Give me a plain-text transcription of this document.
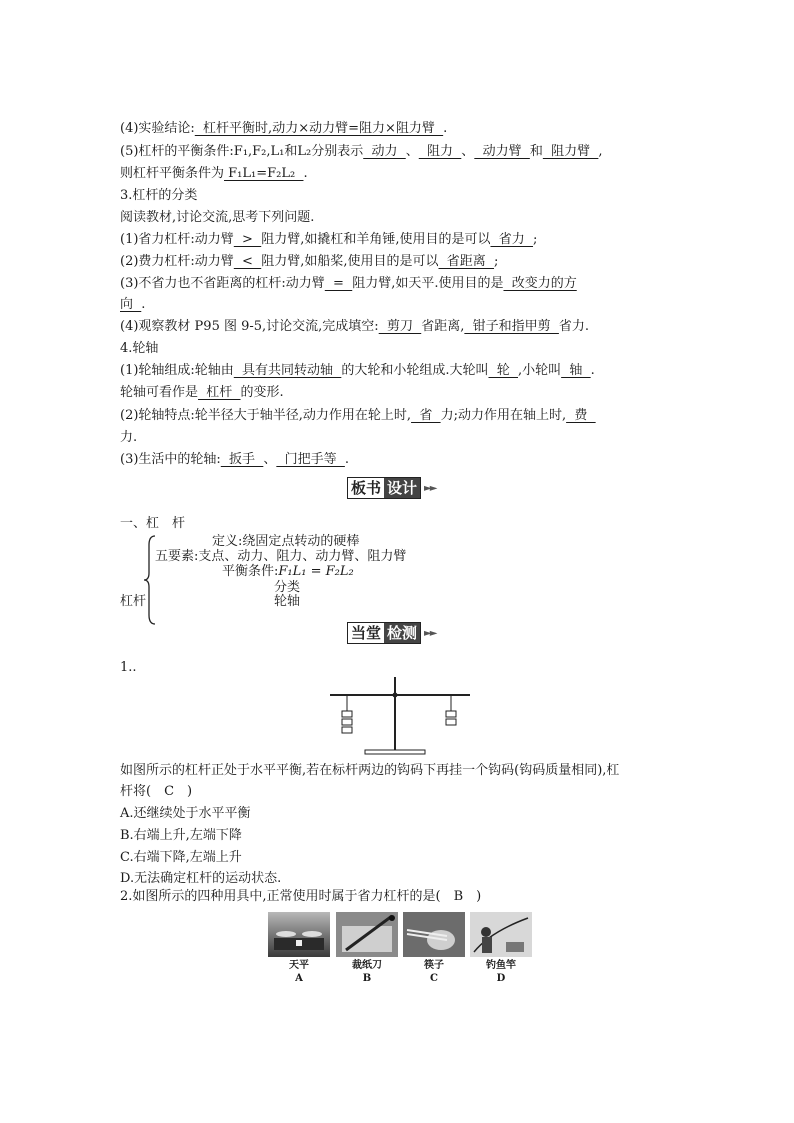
(4)实验结论:  杠杆平衡时,动力×动力臂=阻力×阻力臂  .
(5)杠杆的平衡条件:F₁,F₂,L₁和L₂分别表示  动力  、  阻力  、  动力臂  和  阻力臂  ,
则杠杆平衡条件为 F₁L₁=F₂L₂  .
3.杠杆的分类
阅读教材,讨论交流,思考下列问题.
(1)省力杠杆:动力臂  >  阻力臂,如撬杠和羊角锤,使用目的是可以  省力  ;
(2)费力杠杆:动力臂  <  阻力臂,如船桨,使用目的是可以  省距离  ;
(3)不省力也不省距离的杠杆:动力臂  =  阻力臂,如天平.使用目的是  改变力的方
向  .
(4)观察教材 P95 图 9-5,讨论交流,完成填空:  剪刀  省距离,  钳子和指甲剪  省力.
4.轮轴
(1)轮轴组成:轮轴由  具有共同转动轴  的大轮和小轮组成.大轮叫  轮  ,小轮叫  轴  .
轮轴可看作是  杠杆  的变形.
(2)轮轴特点:轮半径大于轴半径,动力作用在轮上时,  省  力;动力作用在轴上时,  费
力.
(3)生活中的轮轴:  扳手  、  门把手等  .
板书 设计 ►►
一、杠　杆
杠杆
定义:绕固定点转动的硬棒
五要素:支点、动力、阻力、动力臂、阻力臂
平衡条件:F₁L₁ = F₂L₂
分类
轮轴
当堂 检测 ►►
1..
如图所示的杠杆正处于水平平衡,若在标杆两边的钩码下再挂一个钩码(钩码质量相同),杠
杆将(　C　)
A.还继续处于水平平衡
B.右端上升,左端下降
C.右端下降,左端上升
D.无法确定杠杆的运动状态.
2.如图所示的四种用具中,正常使用时属于省力杠杆的是(　B　)
天平
A
裁纸刀
B
筷子
C
钓鱼竿
D
